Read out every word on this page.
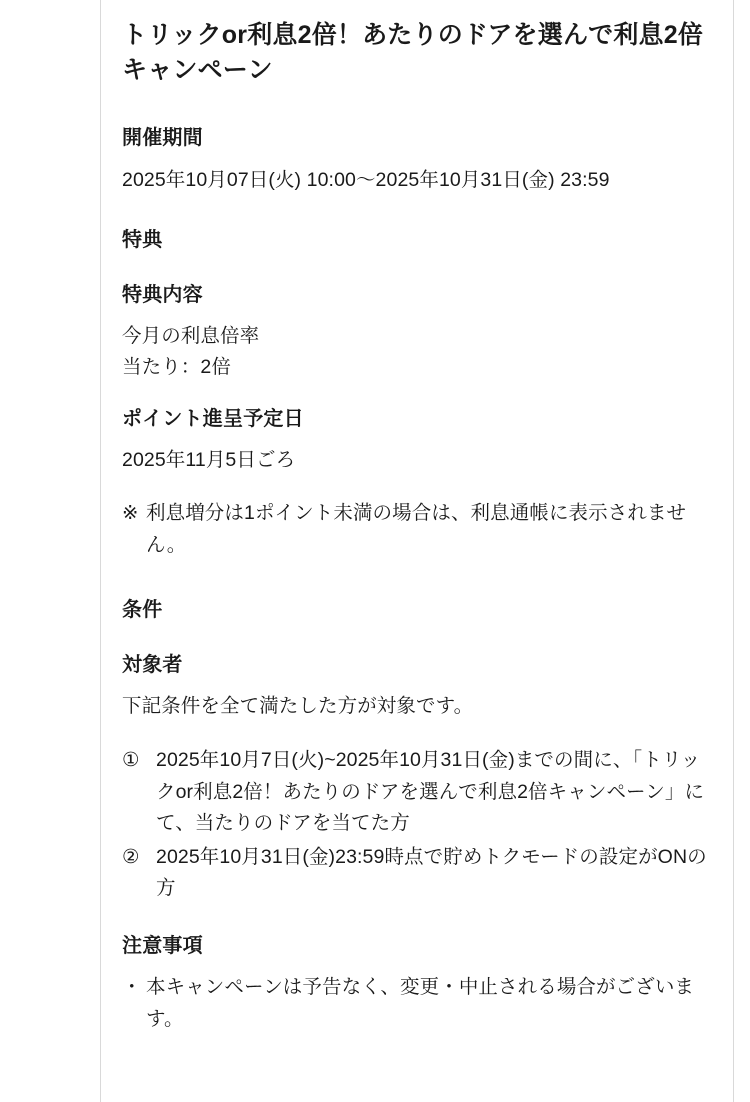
トリックor利息2倍！あたりのドアを選んで利息2倍キャンペーン
開催期間

2025年10月07日(火) 10:00〜2025年10月31日(金) 23:59

特典
特典内容

今月の利息倍率
当たり：2倍

ポイント進呈予定日

2025年11月5日ごろ

※ 利息増分は1ポイント未満の場合は、利息通帳に表示されません。
条件
対象者

下記条件を全て満たした方が対象です。

① 2025年10月7日(火)~2025年10月31日(金)までの間に、「トリックor利息2倍！あたりのドアを選んで利息2倍キャンペーン」にて、当たりのドアを当てた方
② 2025年10月31日(金)23:59時点で貯めトクモードの設定がONの方
注意事項
・ 本キャンペーンは予告なく、変更・中止される場合がございます。
